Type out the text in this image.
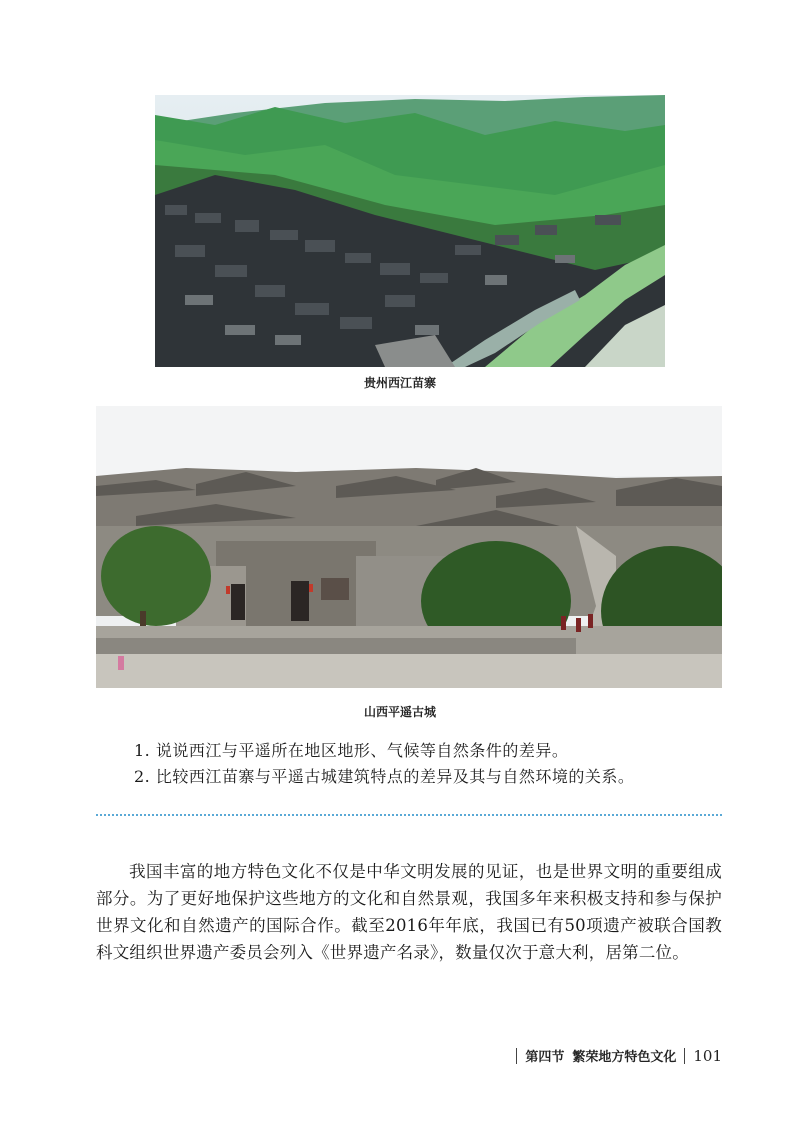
贵州西江苗寨
山西平遥古城
1. 说说西江与平遥所在地区地形、气候等自然条件的差异。
2. 比较西江苗寨与平遥古城建筑特点的差异及其与自然环境的关系。

我国丰富的地方特色文化不仅是中华文明发展的见证，也是世界文明的重要组成部分。为了更好地保护这些地方的文化和自然景观，我国多年来积极支持和参与保护世界文化和自然遗产的国际合作。截至2016年年底，我国已有50项遗产被联合国教科文组织世界遗产委员会列入《世界遗产名录》，数量仅次于意大利，居第二位。

第四节 繁荣地方特色文化 101
